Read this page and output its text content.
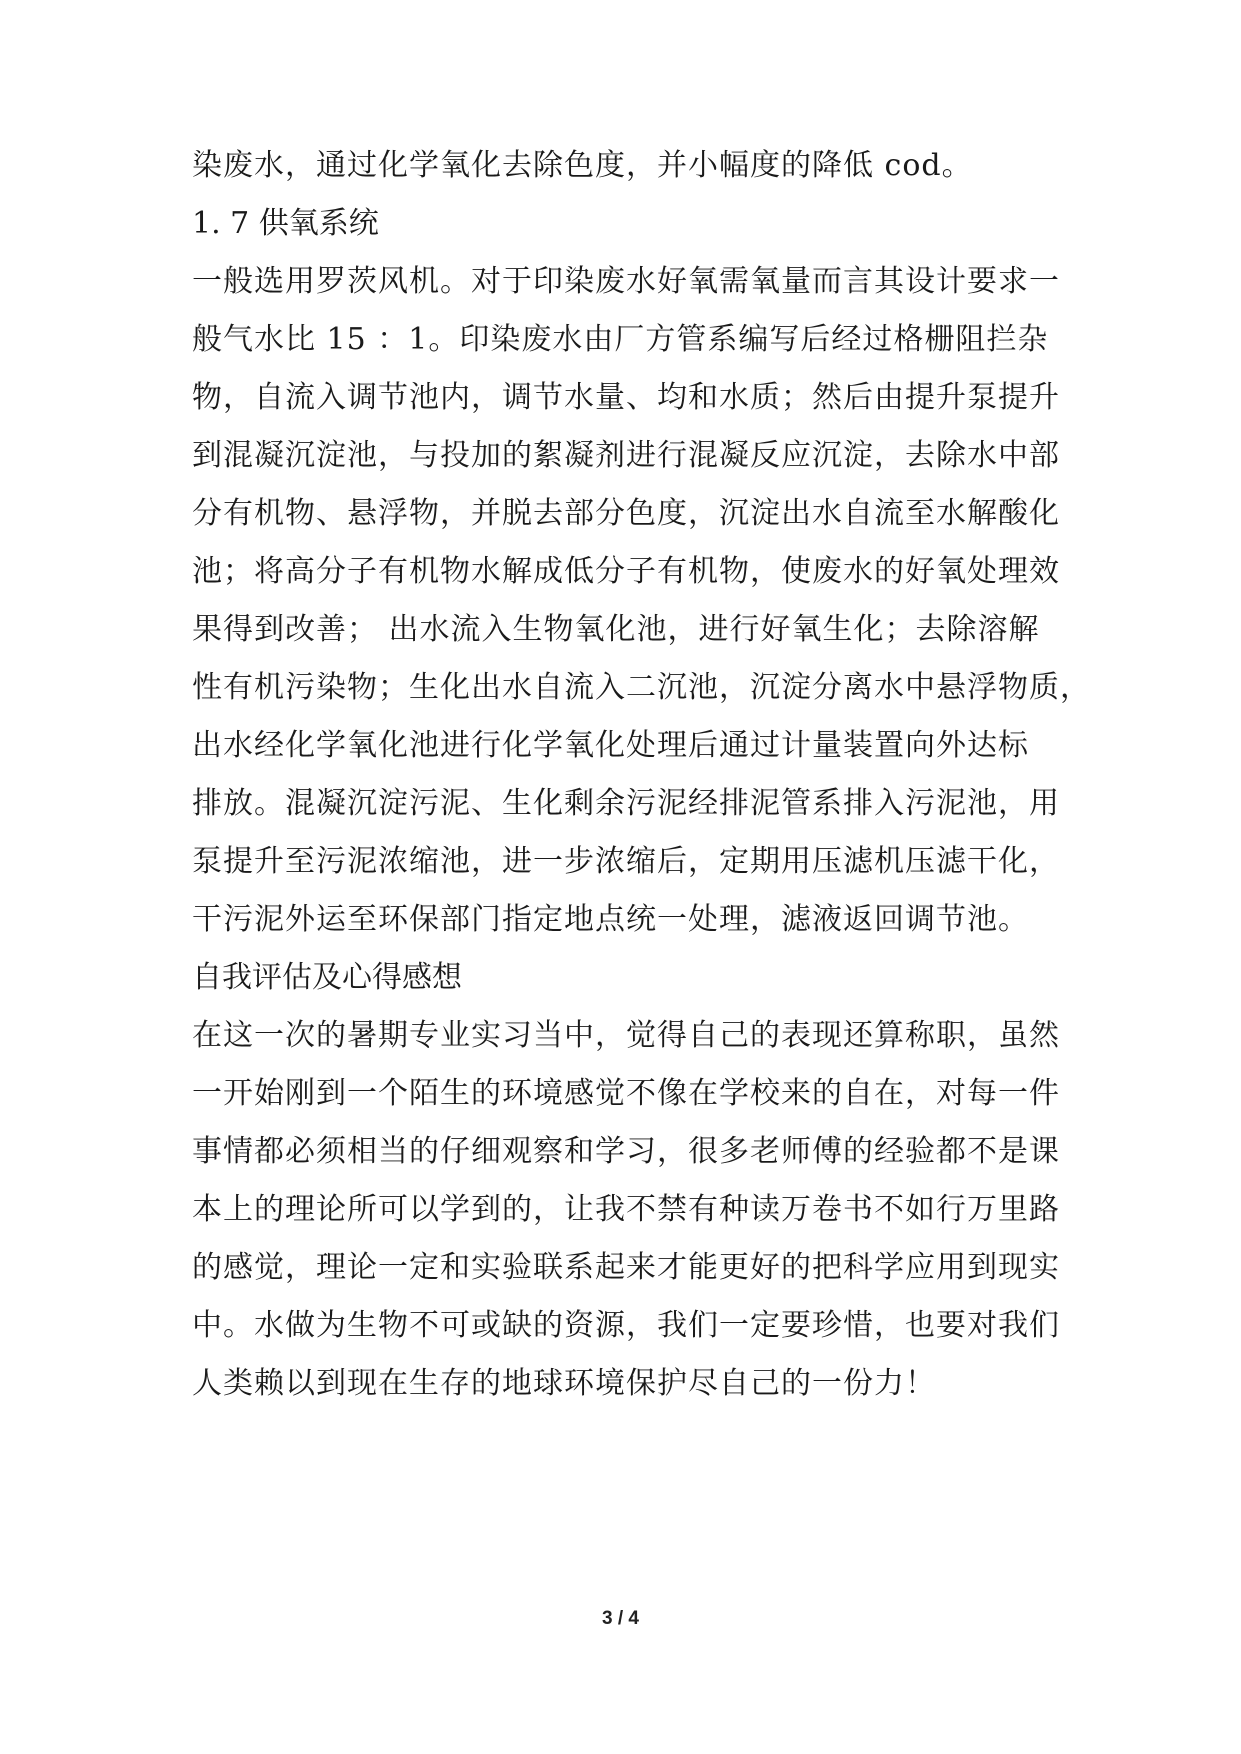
染废水，通过化学氧化去除色度，并小幅度的降低 cod。
1. 7 供氧系统
一般选用罗茨风机。对于印染废水好氧需氧量而言其设计要求一
般气水比 15 ：1。印染废水由厂方管系编写后经过格栅阻拦杂
物，自流入调节池内，调节水量、均和水质；然后由提升泵提升
到混凝沉淀池，与投加的絮凝剂进行混凝反应沉淀，去除水中部
分有机物、悬浮物，并脱去部分色度，沉淀出水自流至水解酸化
池；将高分子有机物水解成低分子有机物，使废水的好氧处理效
果得到改善； 出水流入生物氧化池，进行好氧生化；去除溶解
性有机污染物；生化出水自流入二沉池，沉淀分离水中悬浮物质，
出水经化学氧化池进行化学氧化处理后通过计量装置向外达标
排放。混凝沉淀污泥、生化剩余污泥经排泥管系排入污泥池，用
泵提升至污泥浓缩池，进一步浓缩后，定期用压滤机压滤干化，
干污泥外运至环保部门指定地点统一处理，滤液返回调节池。
自我评估及心得感想
在这一次的暑期专业实习当中，觉得自己的表现还算称职，虽然
一开始刚到一个陌生的环境感觉不像在学校来的自在，对每一件
事情都必须相当的仔细观察和学习，很多老师傅的经验都不是课
本上的理论所可以学到的，让我不禁有种读万卷书不如行万里路
的感觉，理论一定和实验联系起来才能更好的把科学应用到现实
中。水做为生物不可或缺的资源，我们一定要珍惜，也要对我们
人类赖以到现在生存的地球环境保护尽自己的一份力！
3 / 4
